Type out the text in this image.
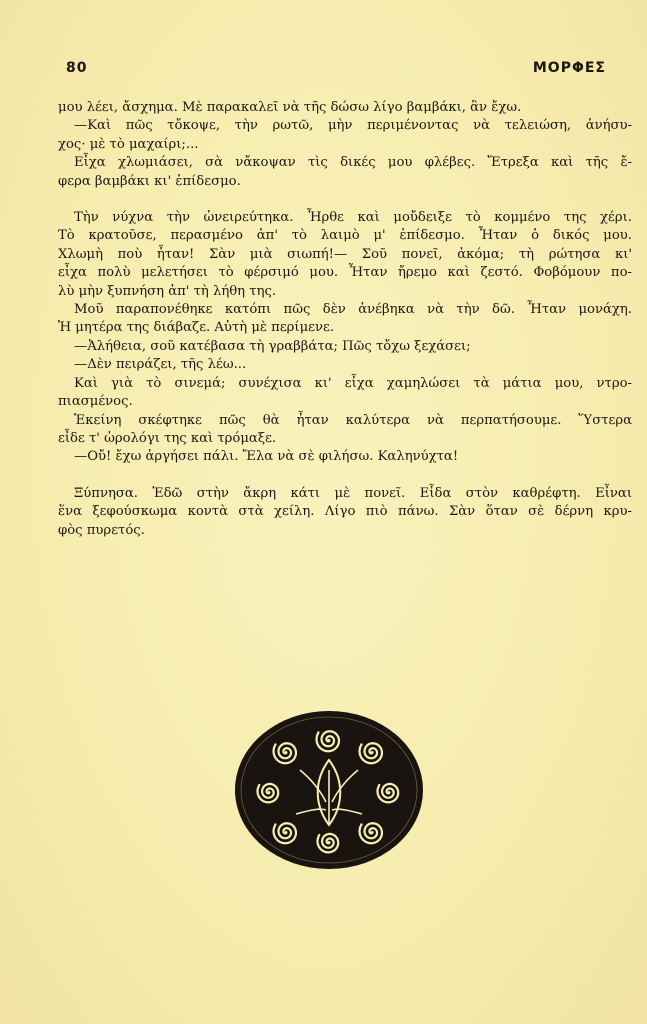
80	ΜΟΡΦΕΣ
μου λέει, ἄσχημα. Μὲ παρακαλεῖ νὰ τῆς δώσω λίγο βαμβάκι, ἂν ἔχω.
—Καὶ πῶς τὄκοψε, τὴν ρωτῶ, μὴν περιμένοντας νὰ τελειώση, ἀνήσυ-
χος· μὲ τὸ μαχαίρι;...
Εἶχα χλωμιάσει, σὰ νἄκοψαν τὶς δικές μου φλέβες. Ἔτρεξα καὶ τῆς ἔ-
φερα βαμβάκι κι' ἐπίδεσμο.
Τὴν νύχνα τὴν ὠνειρεύτηκα. Ἦρθε καὶ μοὔδειξε τὸ κομμένο της χέρι.
Τὸ κρατοῦσε, περασμένο ἀπ' τὸ λαιμὸ μ' ἐπίδεσμο. Ἦταν ὁ δικός μου.
Χλωμὴ ποὺ ἦταν! Σὰν μιὰ σιωπή!— Σοῦ πονεῖ, ἀκόμα; τὴ ρώτησα κι'
εἶχα πολὺ μελετήσει τὸ φέρσιμό μου. Ἦταν ἤρεμο καὶ ζεστό. Φοβόμουν πο-
λὺ μὴν ξυπνήση ἀπ' τὴ λήθη της.
Μοῦ παραπονέθηκε κατόπι πῶς δὲν ἀνέβηκα νὰ τὴν δῶ. Ἦταν μονάχη.
Ἡ μητέρα της διάβαζε. Αὐτὴ μὲ περίμενε.
—Ἀλήθεια, σοῦ κατέβασα τὴ γραββάτα; Πῶς τὄχω ξεχάσει;
—Δὲν πειράζει, τῆς λέω...
Καὶ γιὰ τὸ σινεμά; συνέχισα κι' εἶχα χαμηλώσει τὰ μάτια μου, ντρο-
πιασμένος.
Ἐκείνη σκέφτηκε πῶς θὰ ἦταν καλύτερα νὰ περπατήσουμε. Ὕστερα
εἶδε τ' ὡρολόγι της καὶ τρόμαξε.
—Οὔ! ἔχω ἀργήσει πάλι. Ἔλα νὰ σὲ φιλήσω. Καληνύχτα!
Ξύπνησα. Ἐδῶ στὴν ἄκρη κάτι μὲ πονεῖ. Εἶδα στὸν καθρέφτη. Εἶναι
ἕνα ξεφούσκωμα κοντὰ στὰ χείλη. Λίγο πιὸ πάνω. Σὰν ὅταν σὲ δέρνη κρυ-
φὸς πυρετός.
